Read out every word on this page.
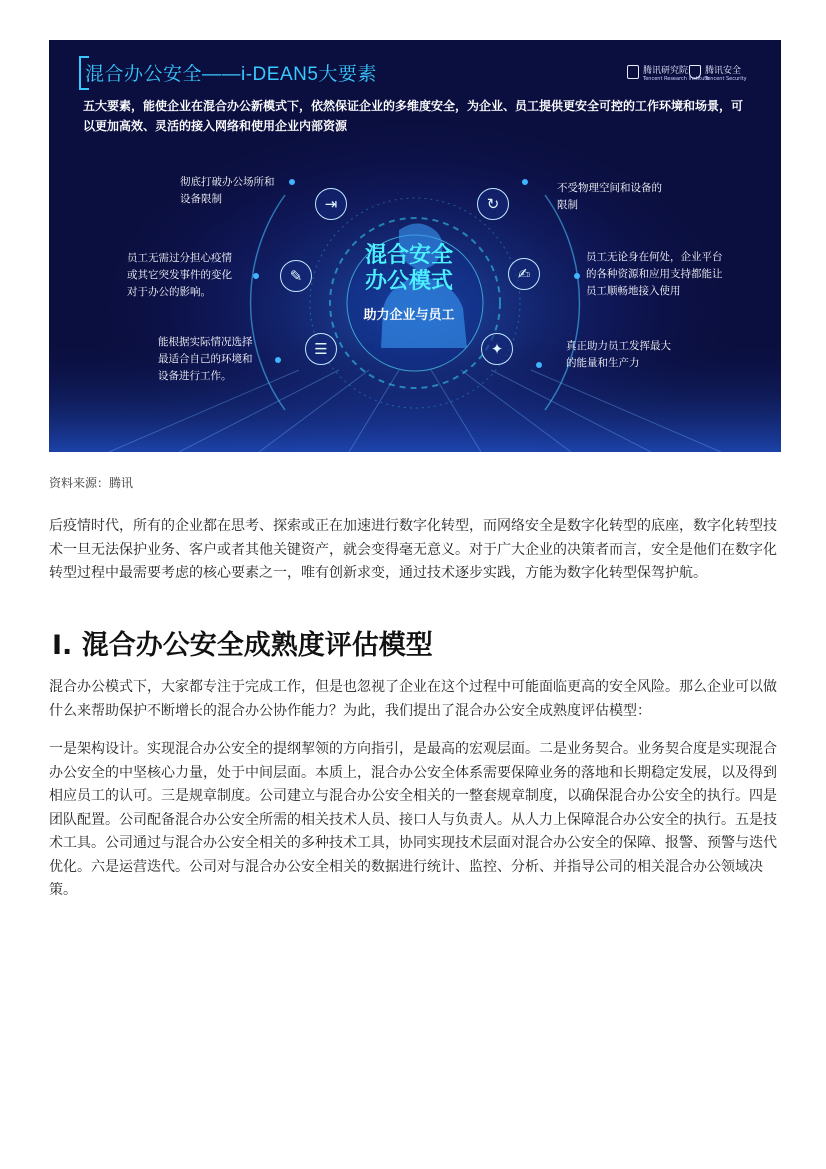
混合办公安全——i-DEAN5大要素	腾讯研究院
Tencent Research Institute
腾讯安全
Tencent Security
五大要素，能使企业在混合办公新模式下，依然保证企业的多维度安全，为企业、员工提供更安全可控的工作环境和场景，可以更加高效、灵活的接入网络和使用企业内部资源
彻底打破办公场所和
设备限制
员工无需过分担心疫情
或其它突发事件的变化
对于办公的影响。
能根据实际情况选择
最适合自己的环境和
设备进行工作。
不受物理空间和设备的
限制
员工无论身在何处，企业平台
的各种资源和应用支持都能让
员工顺畅地接入使用
真正助力员工发挥最大
的能量和生产力
⇥	↻
✎	✍
☰	✦
混合安全
办公模式
助力企业与员工
资料来源：腾讯

后疫情时代，所有的企业都在思考、探索或正在加速进行数字化转型，而网络安全是数字化转型的底座，数字化转型技术一旦无法保护业务、客户或者其他关键资产，就会变得毫无意义。对于广大企业的决策者而言，安全是他们在数字化转型过程中最需要考虑的核心要素之一，唯有创新求变，通过技术逐步实践，方能为数字化转型保驾护航。

Ⅰ. 混合办公安全成熟度评估模型

混合办公模式下，大家都专注于完成工作，但是也忽视了企业在这个过程中可能面临更高的安全风险。那么企业可以做什么来帮助保护不断增长的混合办公协作能力？为此，我们提出了混合办公安全成熟度评估模型：

一是架构设计。实现混合办公安全的提纲挈领的方向指引，是最高的宏观层面。二是业务契合。业务契合度是实现混合办公安全的中坚核心力量，处于中间层面。本质上，混合办公安全体系需要保障业务的落地和长期稳定发展，以及得到相应员工的认可。三是规章制度。公司建立与混合办公安全相关的一整套规章制度，以确保混合办公安全的执行。四是团队配置。公司配备混合办公安全所需的相关技术人员、接口人与负责人。从人力上保障混合办公安全的执行。五是技术工具。公司通过与混合办公安全相关的多种技术工具，协同实现技术层面对混合办公安全的保障、报警、预警与迭代优化。六是运营迭代。公司对与混合办公安全相关的数据进行统计、监控、分析、并指导公司的相关混合办公领域决策。
